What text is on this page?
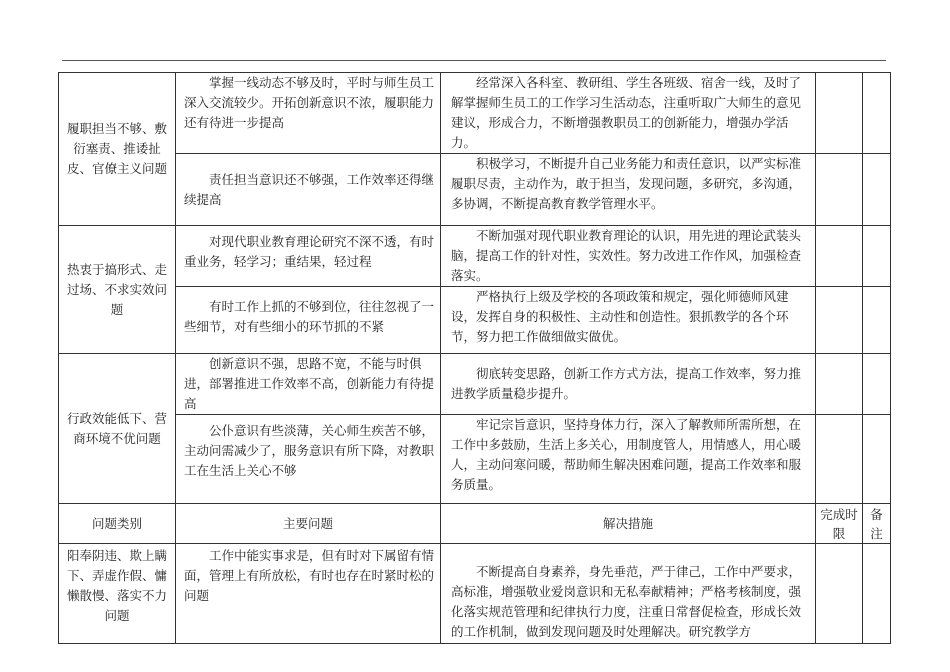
履职担当不够、敷衍塞责、推诿扯皮、官僚主义问题	掌握一线动态不够及时，平时与师生员工深入交流较少。开拓创新意识不浓，履职能力还有待进一步提高	经常深入各科室、教研组、学生各班级、宿舍一线，及时了解掌握师生员工的工作学习生活动态，注重听取广大师生的意见建议，形成合力，不断增强教职员工的创新能力，增强办学活力。		

	责任担当意识还不够强，工作效率还得继续提高	积极学习，不断提升自己业务能力和责任意识，以严实标准履职尽责，主动作为，敢于担当，发现问题，多研究，多沟通，多协调，不断提高教育教学管理水平。		

热衷于搞形式、走过场、不求实效问题	对现代职业教育理论研究不深不透，有时重业务，轻学习；重结果，轻过程	不断加强对现代职业教育理论的认识，用先进的理论武装头脑，提高工作的针对性，实效性。努力改进工作作风，加强检查落实。		

	有时工作上抓的不够到位，往往忽视了一些细节，对有些细小的环节抓的不紧	严格执行上级及学校的各项政策和规定，强化师德师风建设，发挥自身的积极性、主动性和创造性。狠抓教学的各个环节，努力把工作做细做实做优。		

行政效能低下、营商环境不优问题	创新意识不强，思路不宽，不能与时俱进，部署推进工作效率不高，创新能力有待提高	彻底转变思路，创新工作方式方法，提高工作效率，努力推进教学质量稳步提升。		

	公仆意识有些淡薄，关心师生疾苦不够，主动问需减少了，服务意识有所下降，对教职工在生活上关心不够	牢记宗旨意识，坚持身体力行，深入了解教师所需所想，在工作中多鼓励，生活上多关心，用制度管人，用情感人，用心暖人，主动问寒问暖，帮助师生解决困难问题，提高工作效率和服务质量。		

问题类别	主要问题	解决措施	完成时限	备注
阳奉阴违、欺上瞒下、弄虚作假、慵懒散慢、落实不力问题	工作中能实事求是，但有时对下属留有情面，管理上有所放松，有时也存在时紧时松的问题	不断提高自身素养，身先垂范，严于律己，工作中严要求，高标准，增强敬业爱岗意识和无私奉献精神；严格考核制度，强化落实规范管理和纪律执行力度，注重日常督促检查，形成长效的工作机制，做到发现问题及时处理解决。研究教学方		
